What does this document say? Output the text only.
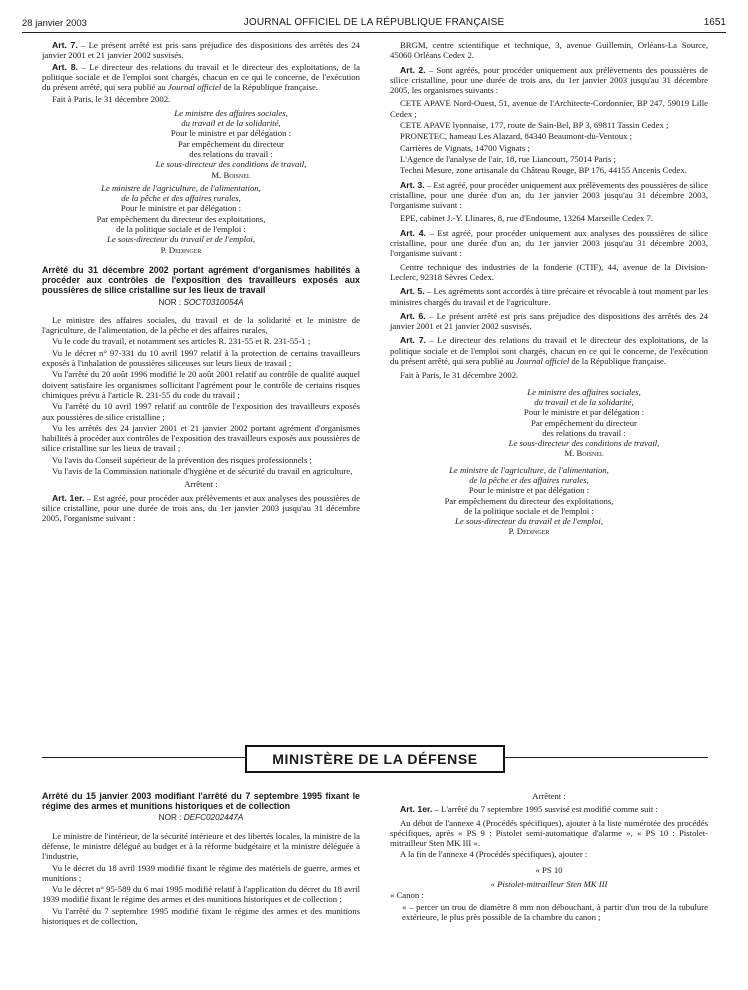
28 janvier 2003	JOURNAL OFFICIEL DE LA RÉPUBLIQUE FRANÇAISE	1651

Art. 7. – Le présent arrêté est pris sans préjudice des dispositions des arrêtés des 24 janvier 2001 et 21 janvier 2002 susvisés.

Art. 8. – Le directeur des relations du travail et le directeur des exploitations, de la politique sociale et de l'emploi sont chargés, chacun en ce qui le concerne, de l'exécution du présent arrêté, qui sera publié au Journal officiel de la République française.

Fait à Paris, le 31 décembre 2002.

Le ministre des affaires sociales,
du travail et de la solidarité,
Pour le ministre et par délégation :
Par empêchement du directeur
des relations du travail :
Le sous-directeur des conditions de travail,
M. Boisnel
Le ministre de l'agriculture, de l'alimentation,
de la pêche et des affaires rurales,
Pour le ministre et par délégation :
Par empêchement du directeur des exploitations,
de la politique sociale et de l'emploi :
Le sous-directeur du travail et de l'emploi,
P. Dedinger
Arrêté du 31 décembre 2002 portant agrément d'organismes habilités à procéder aux contrôles de l'exposition des travailleurs exposés aux poussières de silice cristalline sur les lieux de travail
NOR : SOCT0310054A

Le ministre des affaires sociales, du travail et de la solidarité et le ministre de l'agriculture, de l'alimentation, de la pêche et des affaires rurales,

Vu le code du travail, et notamment ses articles R. 231-55 et R. 231-55-1 ;

Vu le décret n° 97-331 du 10 avril 1997 relatif à la protection de certains travailleurs exposés à l'inhalation de poussières siliceuses sur leurs lieux de travail ;

Vu l'arrêté du 20 août 1996 modifié le 20 août 2001 relatif au contrôle de qualité auquel doivent satisfaire les organismes sollicitant l'agrément pour le contrôle de certains risques chimiques prévu à l'article R. 231-55 du code du travail ;

Vu l'arrêté du 10 avril 1997 relatif au contrôle de l'exposition des travailleurs exposés aux poussières de silice cristalline ;

Vu les arrêtés des 24 janvier 2001 et 21 janvier 2002 portant agrément d'organismes habilités à procéder aux contrôles de l'exposition des travailleurs exposés aux poussières de silice cristalline sur les lieux de travail ;

Vu l'avis du Conseil supérieur de la prévention des risques professionnels ;

Vu l'avis de la Commission nationale d'hygiène et de sécurité du travail en agriculture,

Arrêtent :

Art. 1er. – Est agréé, pour procéder aux prélèvements et aux analyses des poussières de silice cristalline, pour une durée de trois ans, du 1er janvier 2003 jusqu'au 31 décembre 2005, l'organisme suivant :

BRGM, centre scientifique et technique, 3, avenue Guillemin, Orléans-La Source, 45060 Orléans Cedex 2.

Art. 2. – Sont agréés, pour procéder uniquement aux prélèvements des poussières de silice cristalline, pour une durée de trois ans, du 1er janvier 2003 jusqu'au 31 décembre 2005, les organismes suivants :

CETE APAVE Nord-Ouest, 51, avenue de l'Architecte-Cordonnier, BP 247, 59019 Lille Cedex ;

CETE APAVE lyonnaise, 177, route de Sain-Bel, BP 3, 69811 Tassin Cedex ;

PRONETEC, hameau Les Alazard, 84340 Beaumont-du-Ventoux ;

Carrières de Vignats, 14700 Vignats ;

L'Agence de l'analyse de l'air, 18, rue Liancourt, 75014 Paris ;

Techni Mesure, zone artisanale du Château Rouge, BP 176, 44155 Ancenis Cedex.

Art. 3. – Est agréé, pour procéder uniquement aux prélèvements des poussières de silice cristalline, pour une durée d'un an, du 1er janvier 2003 jusqu'au 31 décembre 2003, l'organisme suivant :

EPE, cabinet J.-Y. Llinares, 8, rue d'Endoume, 13264 Marseille Cedex 7.

Art. 4. – Est agréé, pour procéder uniquement aux analyses des poussières de silice cristalline, pour une durée d'un an, du 1er janvier 2003 jusqu'au 31 décembre 2003, l'organisme suivant :

Centre technique des industries de la fonderie (CTIF), 44, avenue de la Division-Leclerc, 92318 Sèvres Cedex.

Art. 5. – Les agréments sont accordés à titre précaire et révocable à tout moment par les ministres chargés du travail et de l'agriculture.

Art. 6. – Le présent arrêté est pris sans préjudice des dispositions des arrêtés des 24 janvier 2001 et 21 janvier 2002 susvisés.

Art. 7. – Le directeur des relations du travail et le directeur des exploitations, de la politique sociale et de l'emploi sont chargés, chacun en ce qui le concerne, de l'exécution du présent arrêté, qui sera publié au Journal officiel de la République française.

Fait à Paris, le 31 décembre 2002.

Le ministre des affaires sociales,
du travail et de la solidarité,
Pour le ministre et par délégation :
Par empêchement du directeur
des relations du travail :
Le sous-directeur des conditions de travail,
M. Boisnel
Le ministre de l'agriculture, de l'alimentation,
de la pêche et des affaires rurales,
Pour le ministre et par délégation :
Par empêchement du directeur des exploitations,
de la politique sociale et de l'emploi :
Le sous-directeur du travail et de l'emploi,
P. Dedinger
MINISTÈRE DE LA DÉFENSE
Arrêté du 15 janvier 2003 modifiant l'arrêté du 7 septembre 1995 fixant le régime des armes et munitions historiques et de collection
NOR : DEFC0202447A

Le ministre de l'intérieur, de la sécurité intérieure et des libertés locales, la ministre de la défense, le ministre délégué au budget et à la réforme budgétaire et la ministre déléguée à l'industrie,

Vu le décret du 18 avril 1939 modifié fixant le régime des matériels de guerre, armes et munitions ;

Vu le décret n° 95-589 du 6 mai 1995 modifié relatif à l'application du décret du 18 avril 1939 modifié fixant le régime des armes et des munitions historiques et de collection ;

Vu l'arrêté du 7 septembre 1995 modifié fixant le régime des armes et des munitions historiques et de collection,

Arrêtent :

Art. 1er. – L'arrêté du 7 septembre 1995 susvisé est modifié comme suit :

Au début de l'annexe 4 (Procédés spécifiques), ajouter à la liste numérotée des procédés spécifiques, après « PS 9 : Pistolet semi-automatique d'alarme », « PS 10 : Pistolet-mitrailleur Sten MK III ».

A la fin de l'annexe 4 (Procédés spécifiques), ajouter :

« PS 10

« Pistolet-mitrailleur Sten MK III

« Canon :

« – percer un trou de diamètre 8 mm non débouchant, à partir d'un trou de la tubulure extérieure, le plus près possible de la chambre du canon ;
